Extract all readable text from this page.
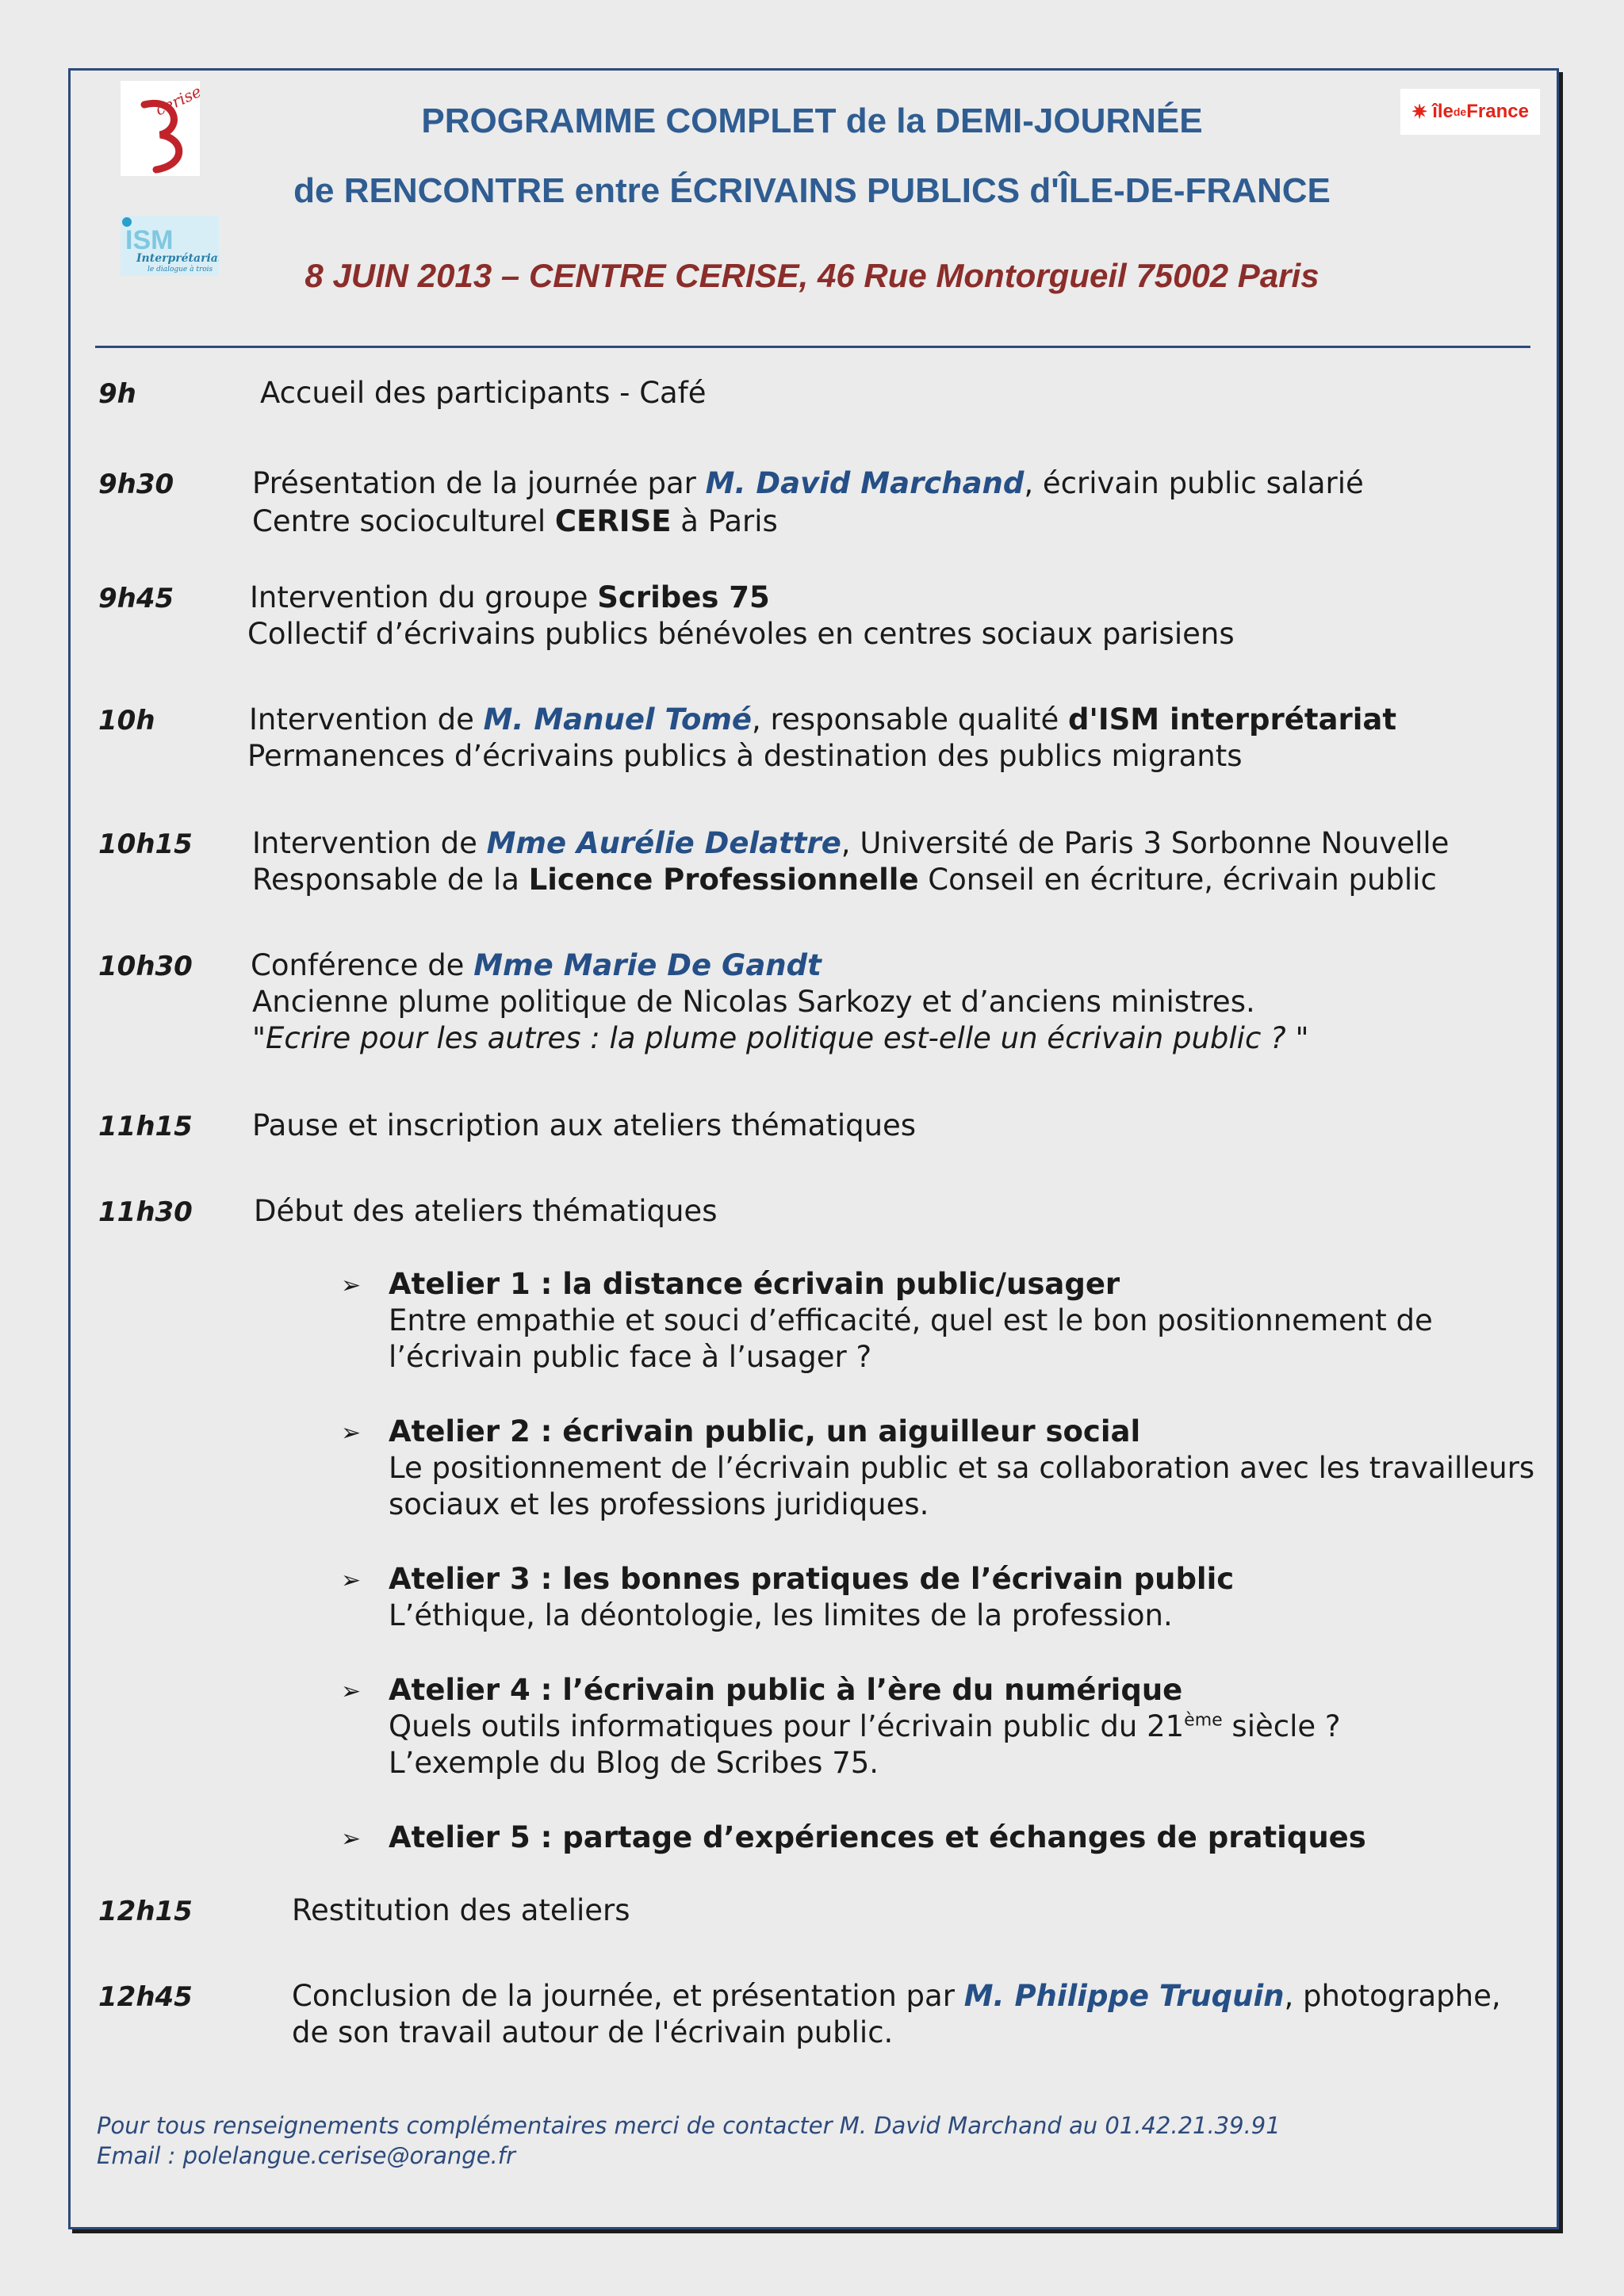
cerise
ISM
Interprétariat
le dialogue à trois
✷ île de France
PROGRAMME COMPLET de la DEMI-JOURNÉE
de RENCONTRE entre ÉCRIVAINS PUBLICS d'ÎLE-DE-FRANCE
8 JUIN 2013 – CENTRE CERISE, 46 Rue Montorgueil 75002 Paris
9h	Accueil des participants - Café
9h30	Présentation de la journée par M. David Marchand, écrivain public salarié
Centre socioculturel CERISE à Paris
9h45	Intervention du groupe Scribes 75
Collectif d’écrivains publics bénévoles en centres sociaux parisiens
10h	Intervention de M. Manuel Tomé, responsable qualité d'ISM interprétariat
Permanences d’écrivains publics à destination des publics migrants
10h15 Intervention de Mme Aurélie Delattre, Université de Paris 3 Sorbonne Nouvelle
Responsable de la Licence Professionnelle Conseil en écriture, écrivain public
10h30 Conférence de Mme Marie De Gandt
Ancienne plume politique de Nicolas Sarkozy et d’anciens ministres.
"Ecrire pour les autres : la plume politique est-elle un écrivain public ? "
11h15 Pause et inscription aux ateliers thématiques
11h30 Début des ateliers thématiques
➢ Atelier 1 : la distance écrivain public/usager
Entre empathie et souci d’efficacité, quel est le bon positionnement de
l’écrivain public face à l’usager ?
➢ Atelier 2 : écrivain public, un aiguilleur social
Le positionnement de l’écrivain public et sa collaboration avec les travailleurs
sociaux et les professions juridiques.
➢ Atelier 3 : les bonnes pratiques de l’écrivain public
L’éthique, la déontologie, les limites de la profession.
➢ Atelier 4 : l’écrivain public à l’ère du numérique
Quels outils informatiques pour l’écrivain public du 21ème siècle ?
L’exemple du Blog de Scribes 75.
➢ Atelier 5 : partage d’expériences et échanges de pratiques
12h15	Restitution des ateliers
12h45	Conclusion de la journée, et présentation par M. Philippe Truquin, photographe,
de son travail autour de l'écrivain public.
Pour tous renseignements complémentaires merci de contacter M. David Marchand au 01.42.21.39.91
Email : polelangue.cerise@orange.fr
